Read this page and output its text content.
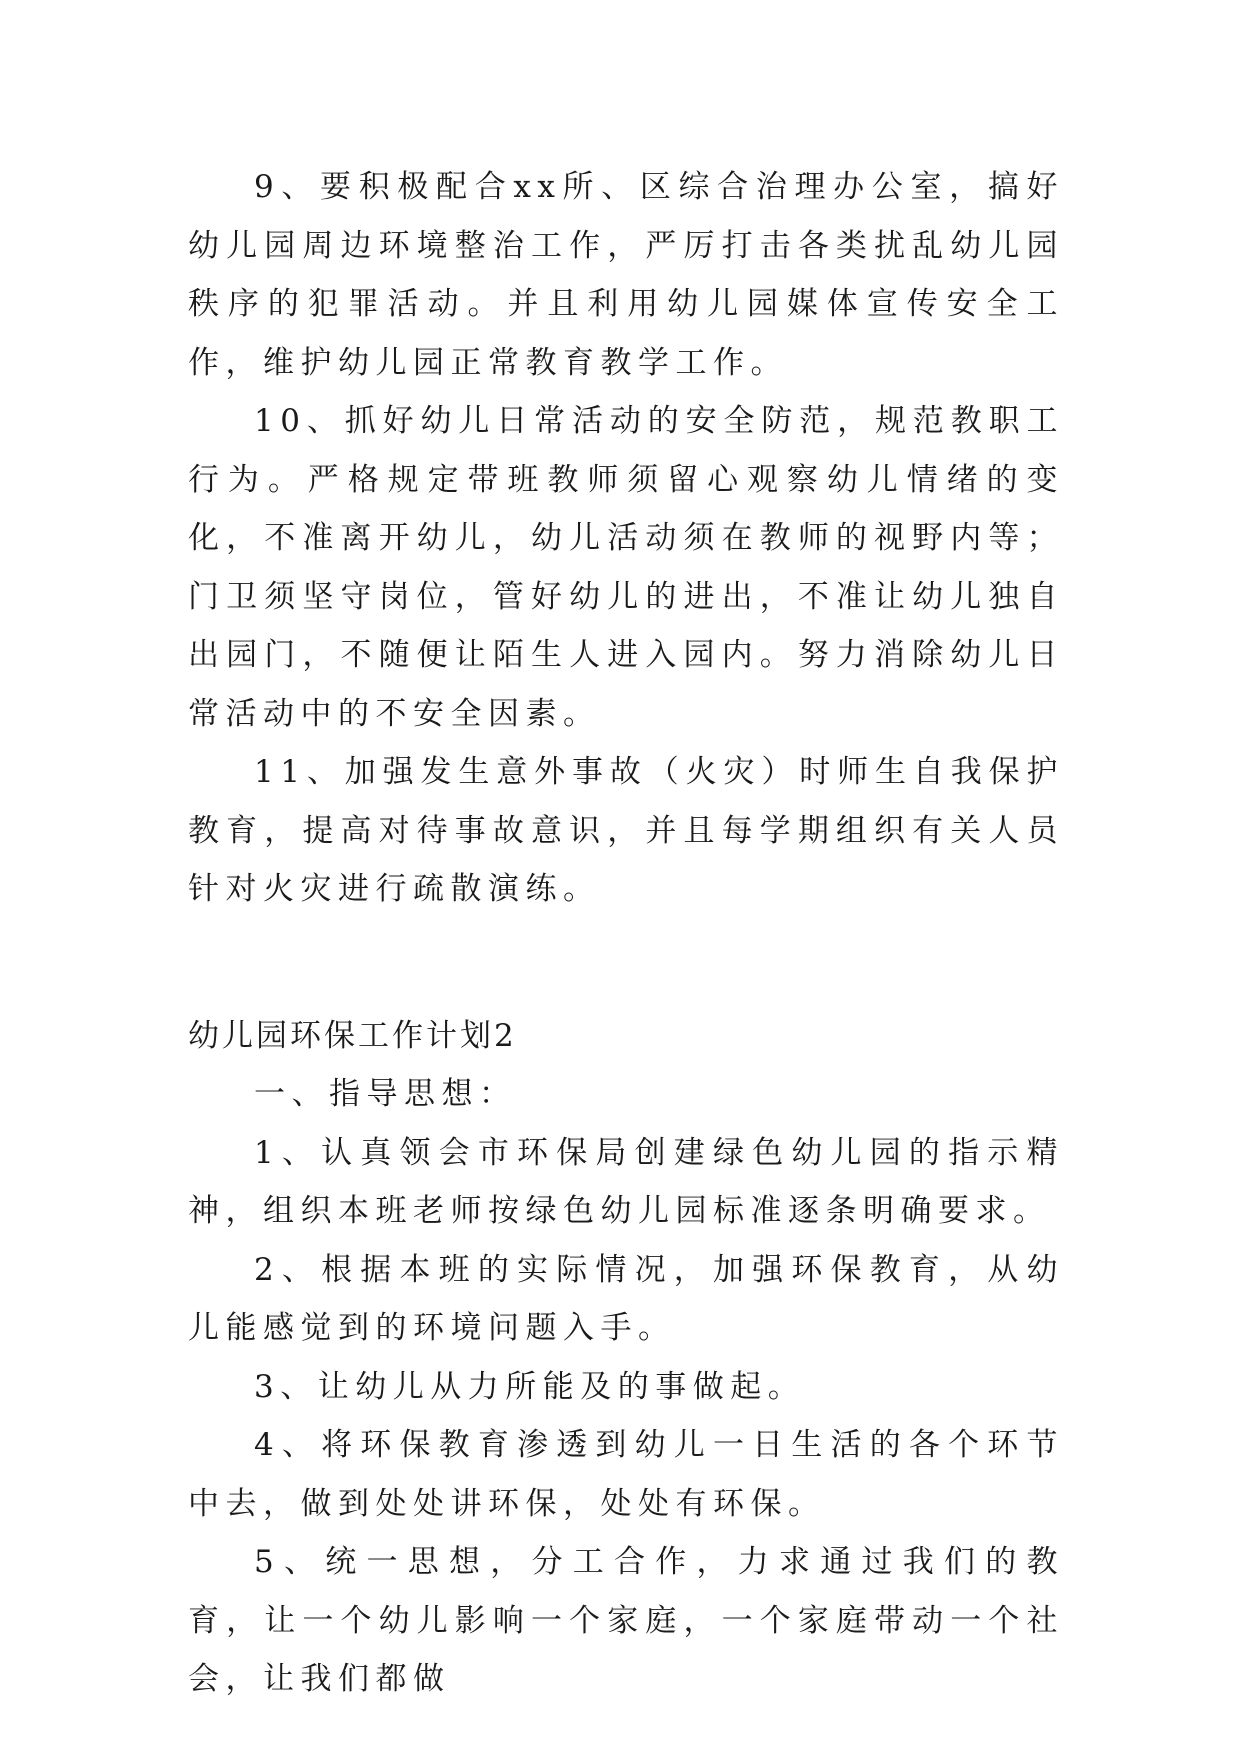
9、要积极配合xx所、区综合治理办公室，搞好幼儿园周边环境整治工作，严厉打击各类扰乱幼儿园秩序的犯罪活动。并且利用幼儿园媒体宣传安全工作，维护幼儿园正常教育教学工作。

10、抓好幼儿日常活动的安全防范，规范教职工行为。严格规定带班教师须留心观察幼儿情绪的变化，不准离开幼儿，幼儿活动须在教师的视野内等；门卫须坚守岗位，管好幼儿的进出，不准让幼儿独自出园门，不随便让陌生人进入园内。努力消除幼儿日常活动中的不安全因素。

11、加强发生意外事故（火灾）时师生自我保护教育，提高对待事故意识，并且每学期组织有关人员针对火灾进行疏散演练。

幼儿园环保工作计划2

一、指导思想：

1、认真领会市环保局创建绿色幼儿园的指示精神，组织本班老师按绿色幼儿园标准逐条明确要求。

2、根据本班的实际情况，加强环保教育，从幼儿能感觉到的环境问题入手。

3、让幼儿从力所能及的事做起。

4、将环保教育渗透到幼儿一日生活的各个环节中去，做到处处讲环保，处处有环保。

5、统一思想，分工合作，力求通过我们的教育，让一个幼儿影响一个家庭，一个家庭带动一个社会，让我们都做
